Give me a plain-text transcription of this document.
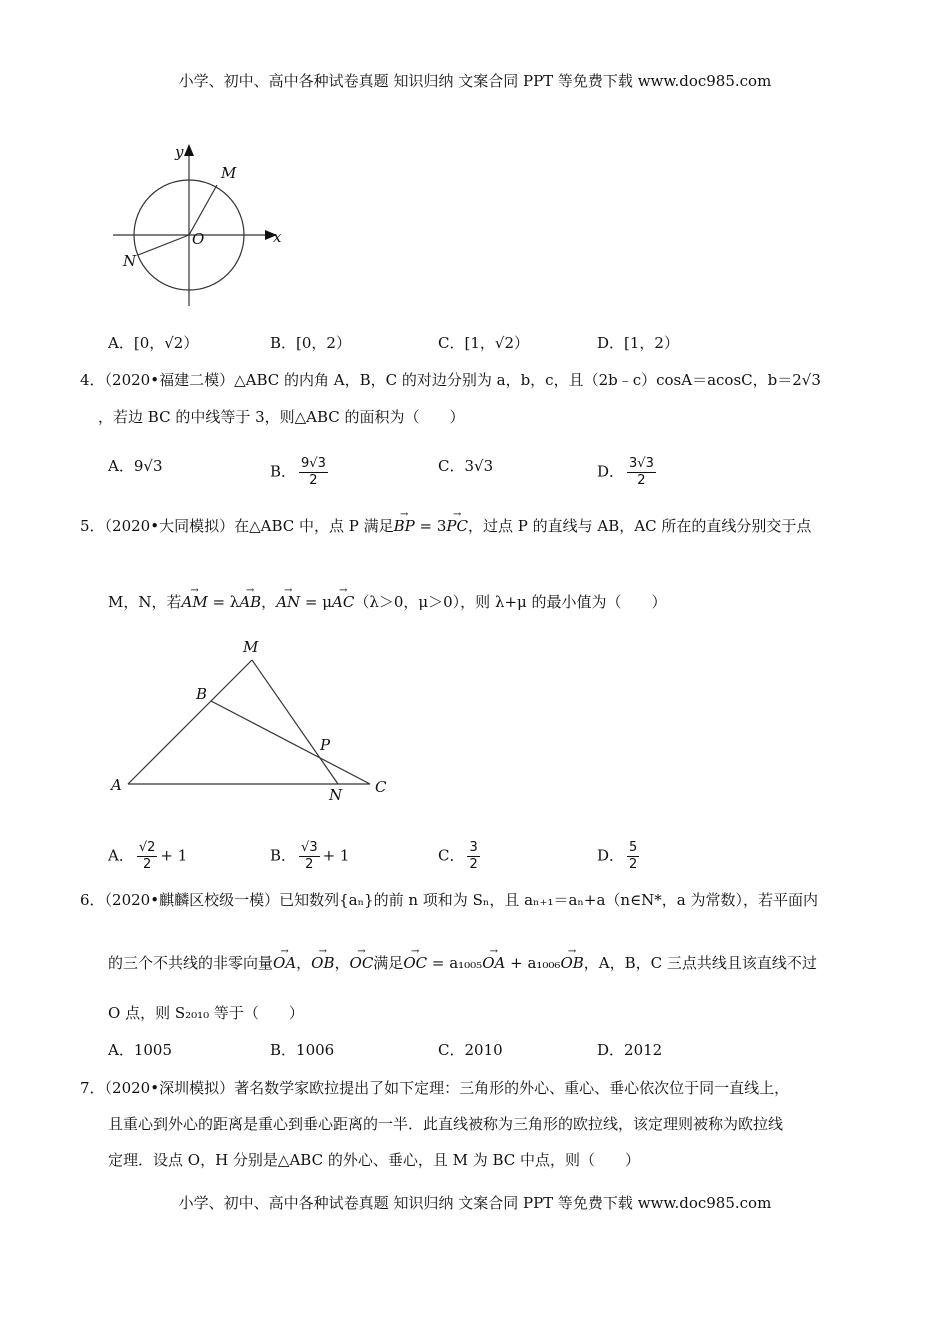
小学、初中、高中各种试卷真题 知识归纳 文案合同 PPT 等免费下载 www.doc985.com
y
x
O
M
N
A．[0，√2）	B．[0，2）	C．[1，√2）	D．[1，2）
4．（2020•福建二模）△ABC 的内角 A，B，C 的对边分别为 a，b，c，且（2b﹣c）cosA＝acosC，b＝2√3
，若边 BC 的中线等于 3，则△ABC 的面积为（　　）
A．9√3	B． $\frac{9√3}{2}$	C．3√3	D． $\frac{3√3}{2}$
5．（2020•大同模拟）在△ABC 中，点 P 满足→ BP = 3→ PC，过点 P 的直线与 AB，AC 所在的直线分别交于点
M，N，若→ AM = λ→ AB，→ AN = μ→ AC（λ＞0，μ＞0），则 λ+μ 的最小值为（　　）
M
B
P
A
N C
A． $\frac{√2}{2} + 1$	B． $\frac{√3}{2} + 1$	C． $\frac{3}{2}$	D． $\frac{5}{2}$
6．（2020•麒麟区校级一模）已知数列{aₙ}的前 n 项和为 Sₙ，且 aₙ₊₁＝aₙ+a（n∈N*，a 为常数），若平面内
的三个不共线的非零向量→ OA，→ OB，→ OC满足→ OC = a₁₀₀₅→ OA + a₁₀₀₆→ OB，A，B，C 三点共线且该直线不过
O 点，则 S₂₀₁₀ 等于（　　）
A．1005	B．1006	C．2010	D．2012
7．（2020•深圳模拟）著名数学家欧拉提出了如下定理：三角形的外心、重心、垂心依次位于同一直线上，
且重心到外心的距离是重心到垂心距离的一半．此直线被称为三角形的欧拉线，该定理则被称为欧拉线
定理．设点 O，H 分别是△ABC 的外心、垂心，且 M 为 BC 中点，则（　　）
小学、初中、高中各种试卷真题 知识归纳 文案合同 PPT 等免费下载 www.doc985.com
